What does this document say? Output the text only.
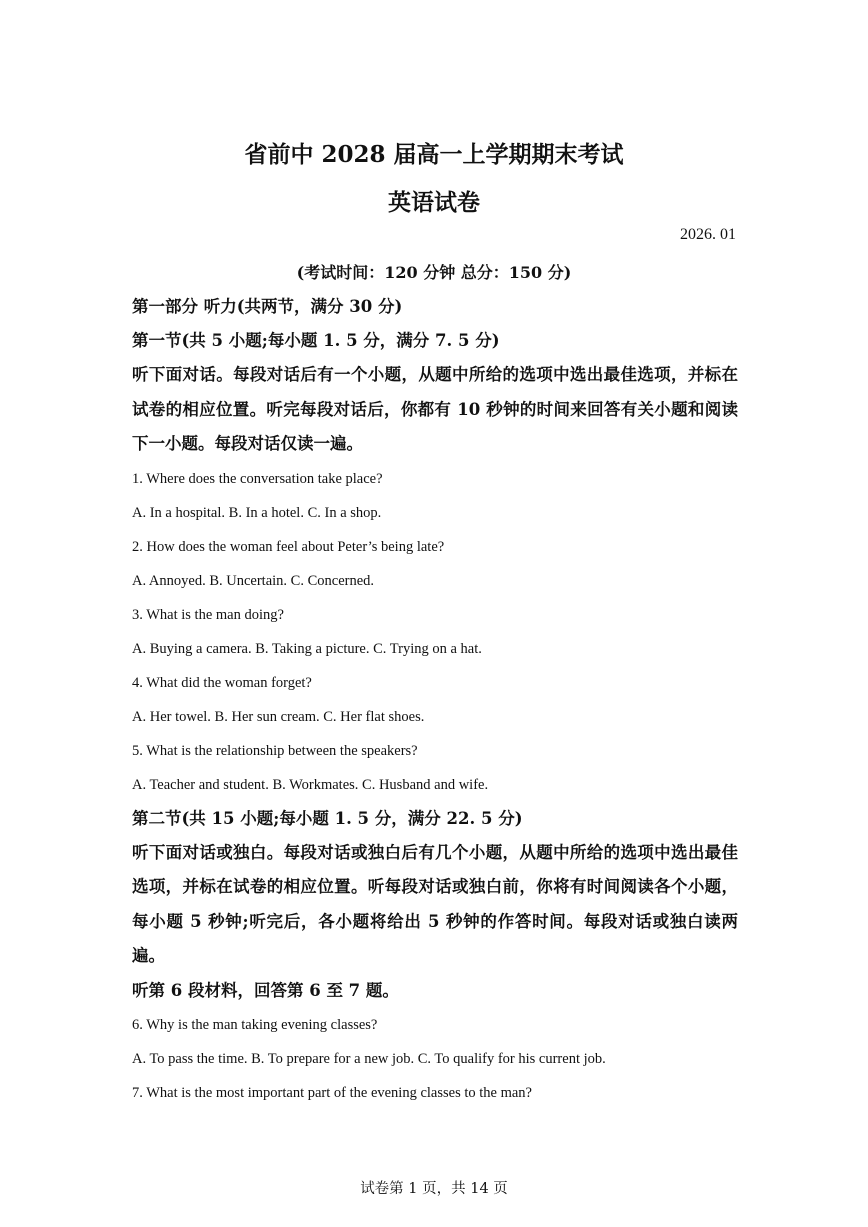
省前中 2028 届高一上学期期末考试
英语试卷
2026. 01
(考试时间：120 分钟 总分：150 分)

第一部分 听力(共两节，满分 30 分)

第一节(共 5 小题;每小题 1. 5 分，满分 7. 5 分)

听下面对话。每段对话后有一个小题，从题中所给的选项中选出最佳选项，并标在试卷的相应位置。听完每段对话后，你都有 10 秒钟的时间来回答有关小题和阅读下一小题。每段对话仅读一遍。

1. Where does the conversation take place?

A. In a hospital. B. In a hotel. C. In a shop.

2. How does the woman feel about Peter’s being late?

A. Annoyed. B. Uncertain. C. Concerned.

3. What is the man doing?

A. Buying a camera. B. Taking a picture. C. Trying on a hat.

4. What did the woman forget?

A. Her towel. B. Her sun cream. C. Her flat shoes.

5. What is the relationship between the speakers?

A. Teacher and student. B. Workmates. C. Husband and wife.

第二节(共 15 小题;每小题 1. 5 分，满分 22. 5 分)

听下面对话或独白。每段对话或独白后有几个小题，从题中所给的选项中选出最佳选项，并标在试卷的相应位置。听每段对话或独白前，你将有时间阅读各个小题，每小题 5 秒钟;听完后，各小题将给出 5 秒钟的作答时间。每段对话或独白读两遍。

听第 6 段材料，回答第 6 至 7 题。

6. Why is the man taking evening classes?

A. To pass the time. B. To prepare for a new job. C. To qualify for his current job.

7. What is the most important part of the evening classes to the man?

试卷第 1 页，共 14 页
